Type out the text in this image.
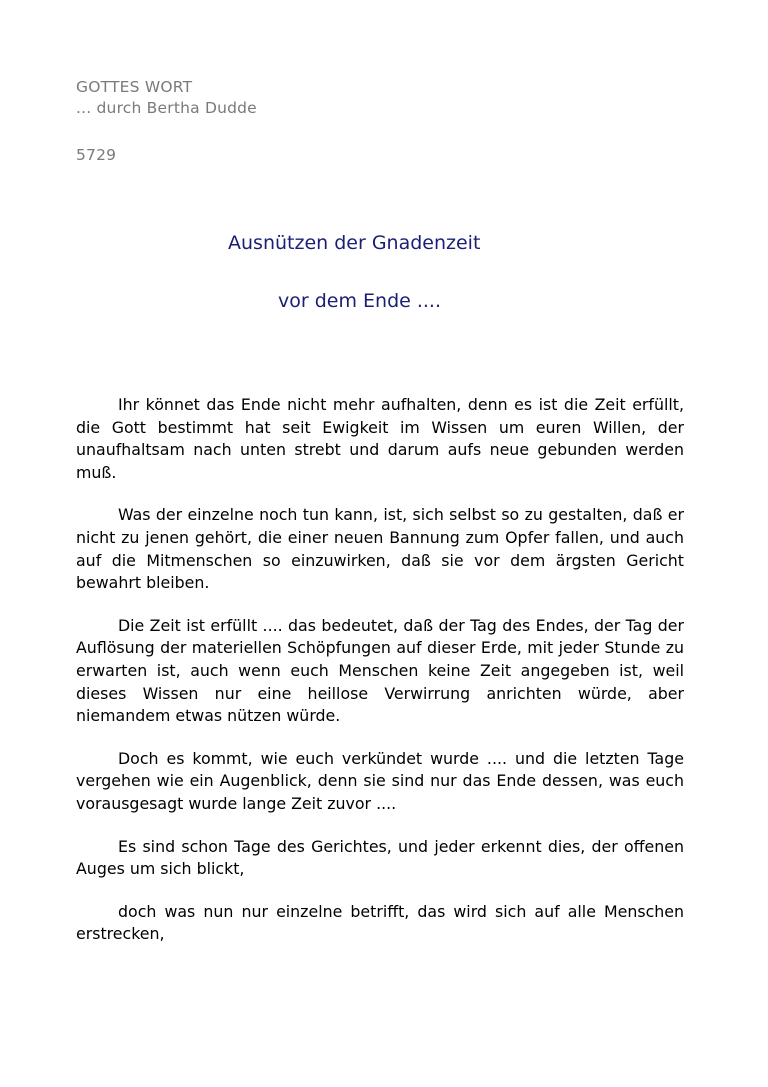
GOTTES WORT
... durch Bertha Dudde
5729
Ausnützen der Gnadenzeit
vor dem Ende ....

Ihr könnet das Ende nicht mehr aufhalten, denn es ist die Zeit erfüllt, die Gott bestimmt hat seit Ewigkeit im Wissen um euren Willen, der unaufhaltsam nach unten strebt und darum aufs neue gebunden werden muß.

Was der einzelne noch tun kann, ist, sich selbst so zu gestalten, daß er nicht zu jenen gehört, die einer neuen Bannung zum Opfer fallen, und auch auf die Mitmenschen so einzuwirken, daß sie vor dem ärgsten Gericht bewahrt bleiben.

Die Zeit ist erfüllt .... das bedeutet, daß der Tag des Endes, der Tag der Auflösung der materiellen Schöpfungen auf dieser Erde, mit jeder Stunde zu erwarten ist, auch wenn euch Menschen keine Zeit angegeben ist, weil dieses Wissen nur eine heillose Verwirrung anrichten würde, aber niemandem etwas nützen würde.

Doch es kommt, wie euch verkündet wurde .... und die letzten Tage vergehen wie ein Augenblick, denn sie sind nur das Ende dessen, was euch vorausgesagt wurde lange Zeit zuvor ....

Es sind schon Tage des Gerichtes, und jeder erkennt dies, der offenen Auges um sich blickt,

doch was nun nur einzelne betrifft, das wird sich auf alle Menschen erstrecken,
